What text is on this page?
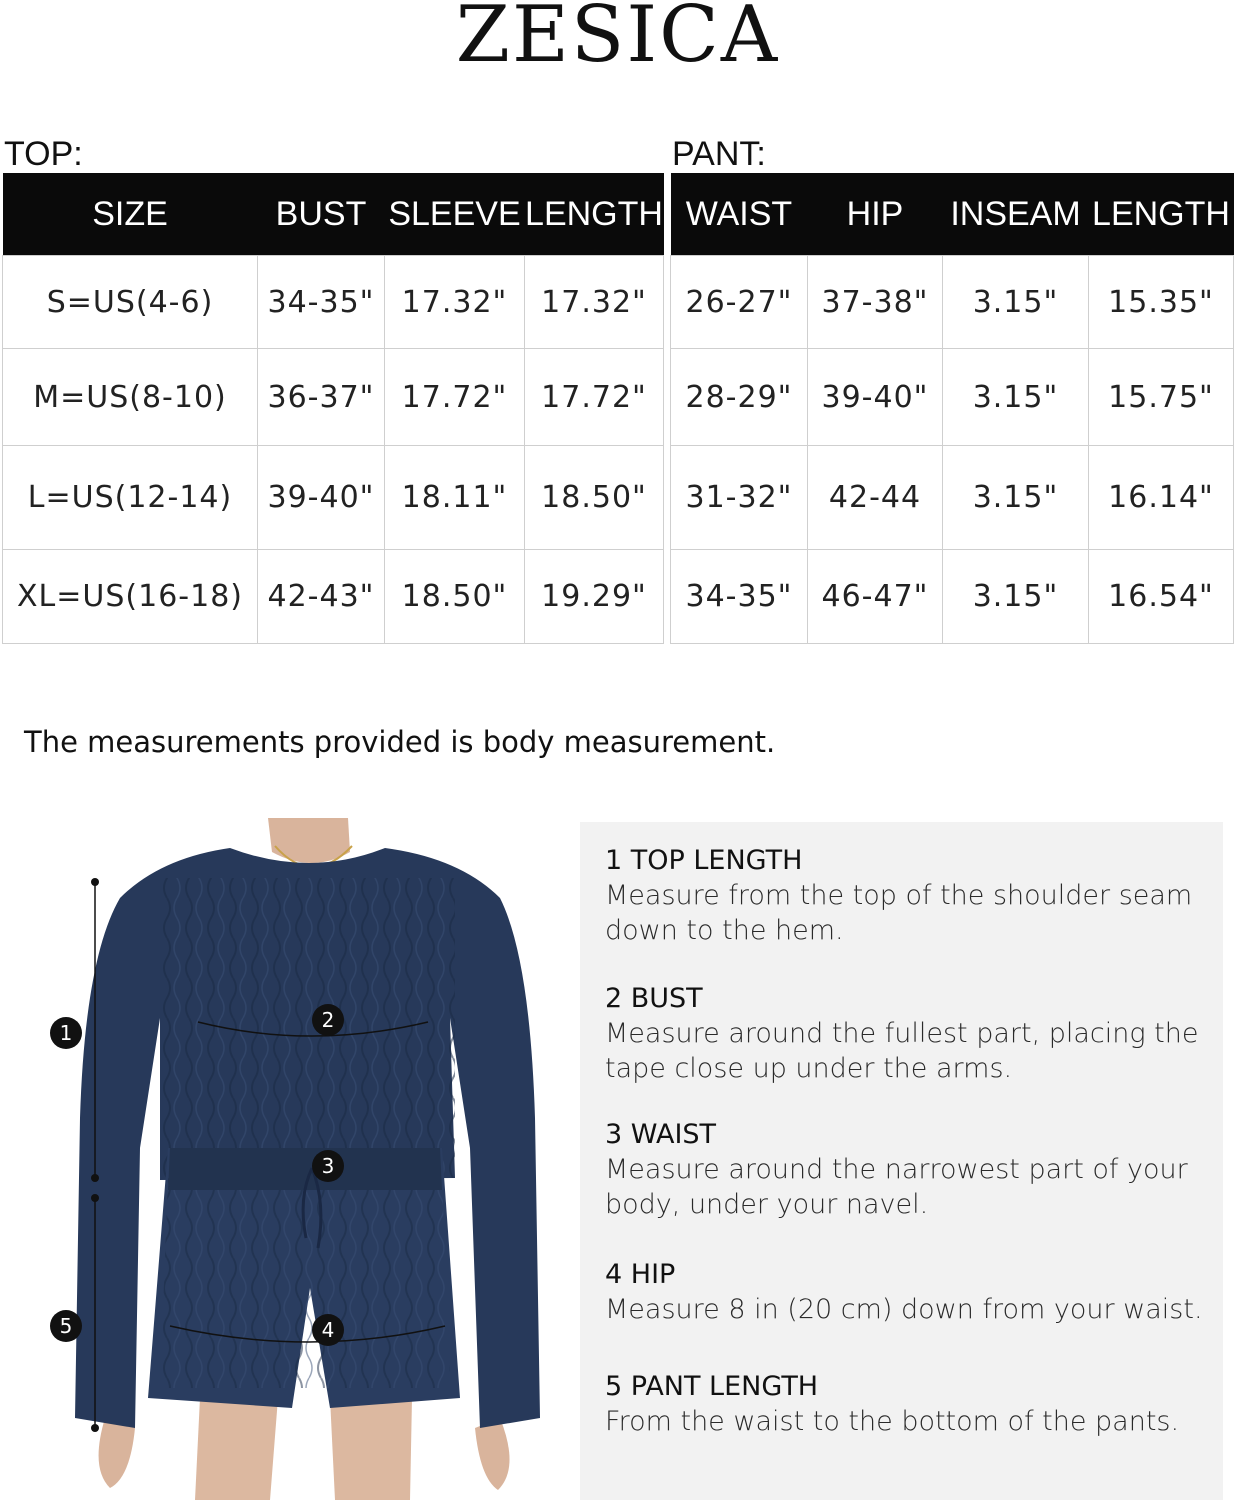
ZESICA
TOP:	PANT:
SIZE	BUST	SLEEVE	LENGTH
S=US(4-6)	34-35"	17.32"	17.32"
M=US(8-10)	36-37"	17.72"	17.72"
L=US(12-14)	39-40"	18.11"	18.50"
XL=US(16-18)	42-43"	18.50"	19.29"
WAIST	HIP	INSEAM	LENGTH
26-27"	37-38"	3.15"	15.35"
28-29"	39-40"	3.15"	15.75"
31-32"	42-44	3.15"	16.14"
34-35"	46-47"	3.15"	16.54"
The measurements provided is body measurement.
1
2
3
4
5
1 TOP LENGTH
Measure from the top of the shoulder seam down to the hem.
2 BUST
Measure around the fullest part, placing the tape close up under the arms.
3 WAIST
Measure around the narrowest part of your body, under your navel.
4 HIP
Measure 8 in (20 cm) down from your waist.
5 PANT LENGTH
From the waist to the bottom of the pants.
